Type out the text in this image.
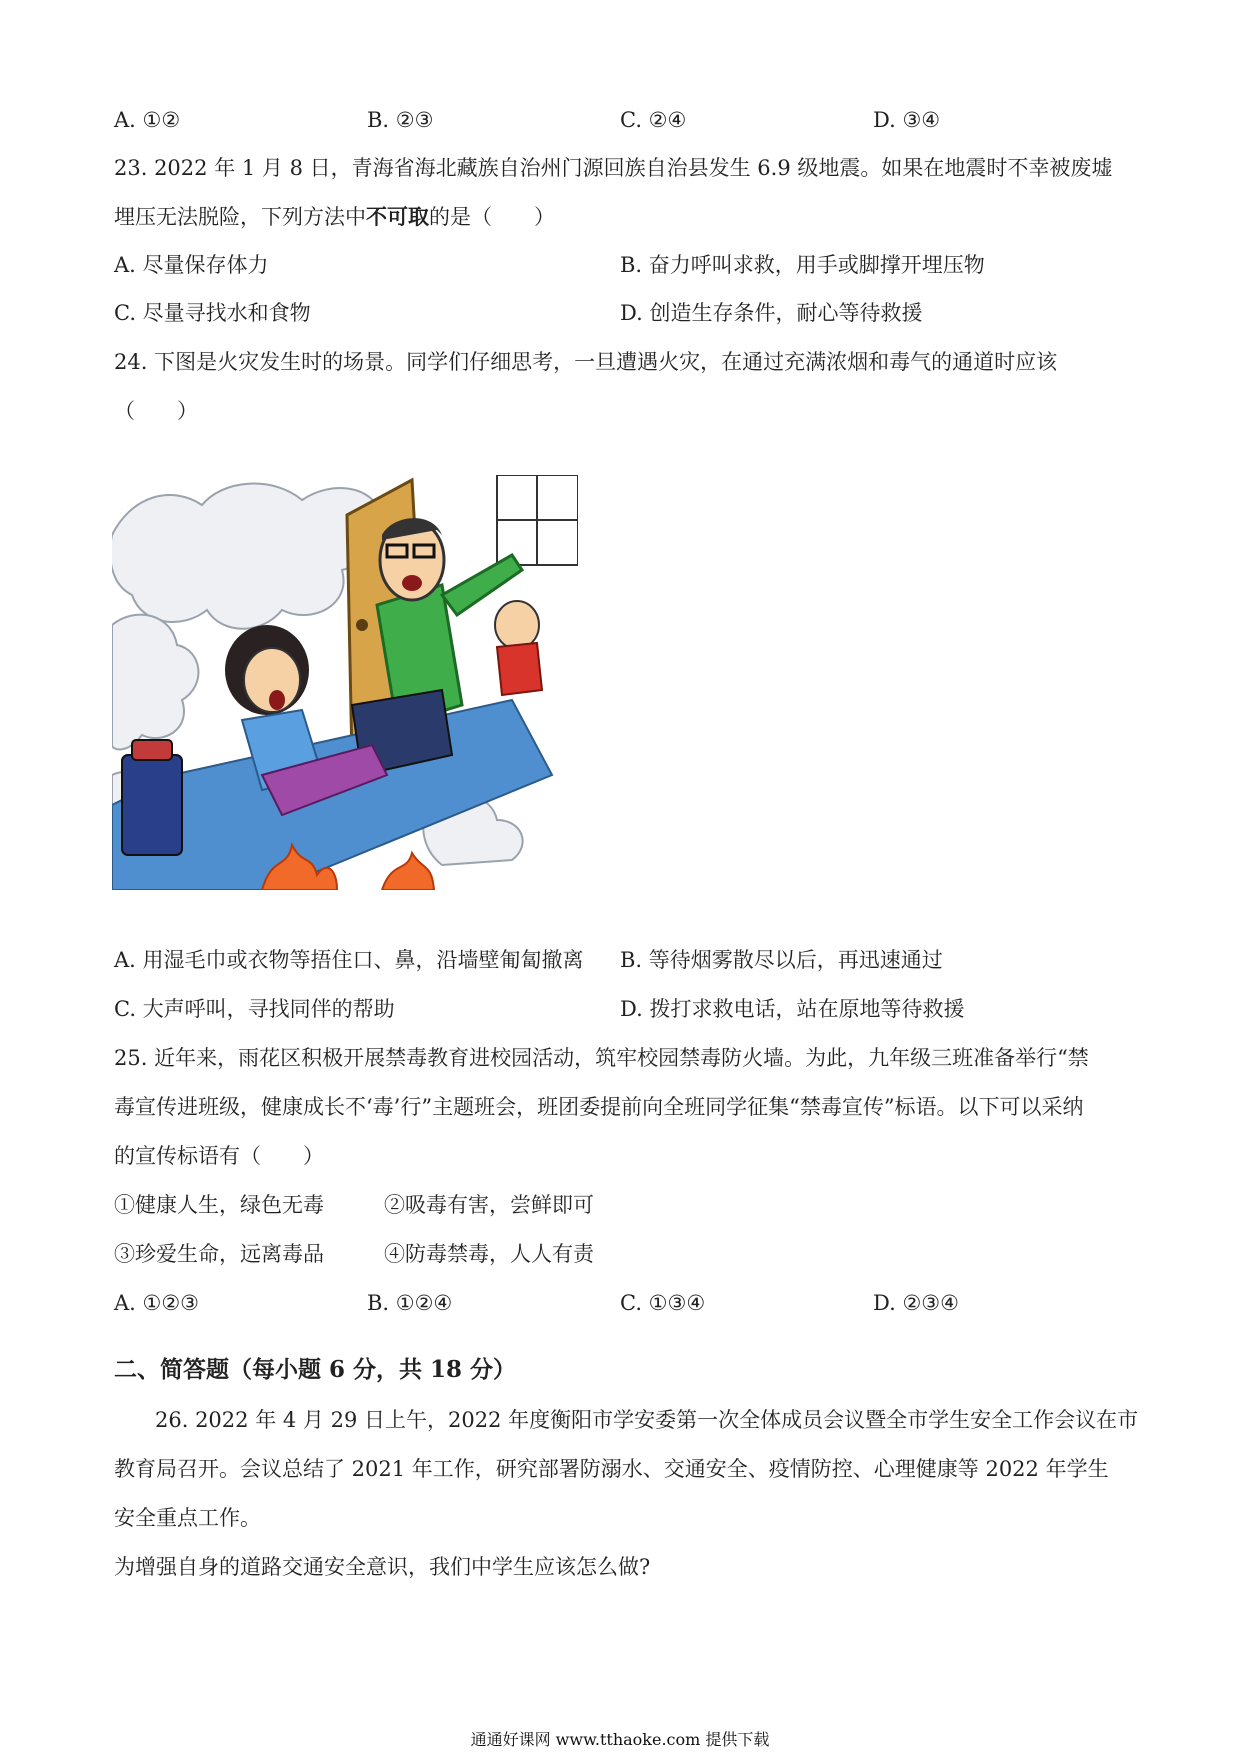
A. ①②	B. ②③	C. ②④	D. ③④
23. 2022 年 1 月 8 日，青海省海北藏族自治州门源回族自治县发生 6.9 级地震。如果在地震时不幸被废墟
埋压无法脱险，下列方法中不可取的是（　　）
A. 尽量保存体力	B. 奋力呼叫求救，用手或脚撑开埋压物
C. 尽量寻找水和食物	D. 创造生存条件，耐心等待救援
24. 下图是火灾发生时的场景。同学们仔细思考，一旦遭遇火灾，在通过充满浓烟和毒气的通道时应该
（　　）
A. 用湿毛巾或衣物等捂住口、鼻，沿墙壁匍匐撤离 B. 等待烟雾散尽以后，再迅速通过
C. 大声呼叫，寻找同伴的帮助	D. 拨打求救电话，站在原地等待救援
25. 近年来，雨花区积极开展禁毒教育进校园活动，筑牢校园禁毒防火墙。为此，九年级三班准备举行“禁
毒宣传进班级，健康成长不‘毒’行”主题班会，班团委提前向全班同学征集“禁毒宣传”标语。以下可以采纳
的宣传标语有（　　）
①健康人生，绿色无毒	②吸毒有害，尝鲜即可
③珍爱生命，远离毒品	④防毒禁毒，人人有责
A. ①②③	B. ①②④	C. ①③④	D. ②③④
二、简答题（每小题 6 分，共 18 分）
26. 2022 年 4 月 29 日上午，2022 年度衡阳市学安委第一次全体成员会议暨全市学生安全工作会议在市
教育局召开。会议总结了 2021 年工作，研究部署防溺水、交通安全、疫情防控、心理健康等 2022 年学生
安全重点工作。
为增强自身的道路交通安全意识，我们中学生应该怎么做?
通通好课网 www.tthaoke.com 提供下载
